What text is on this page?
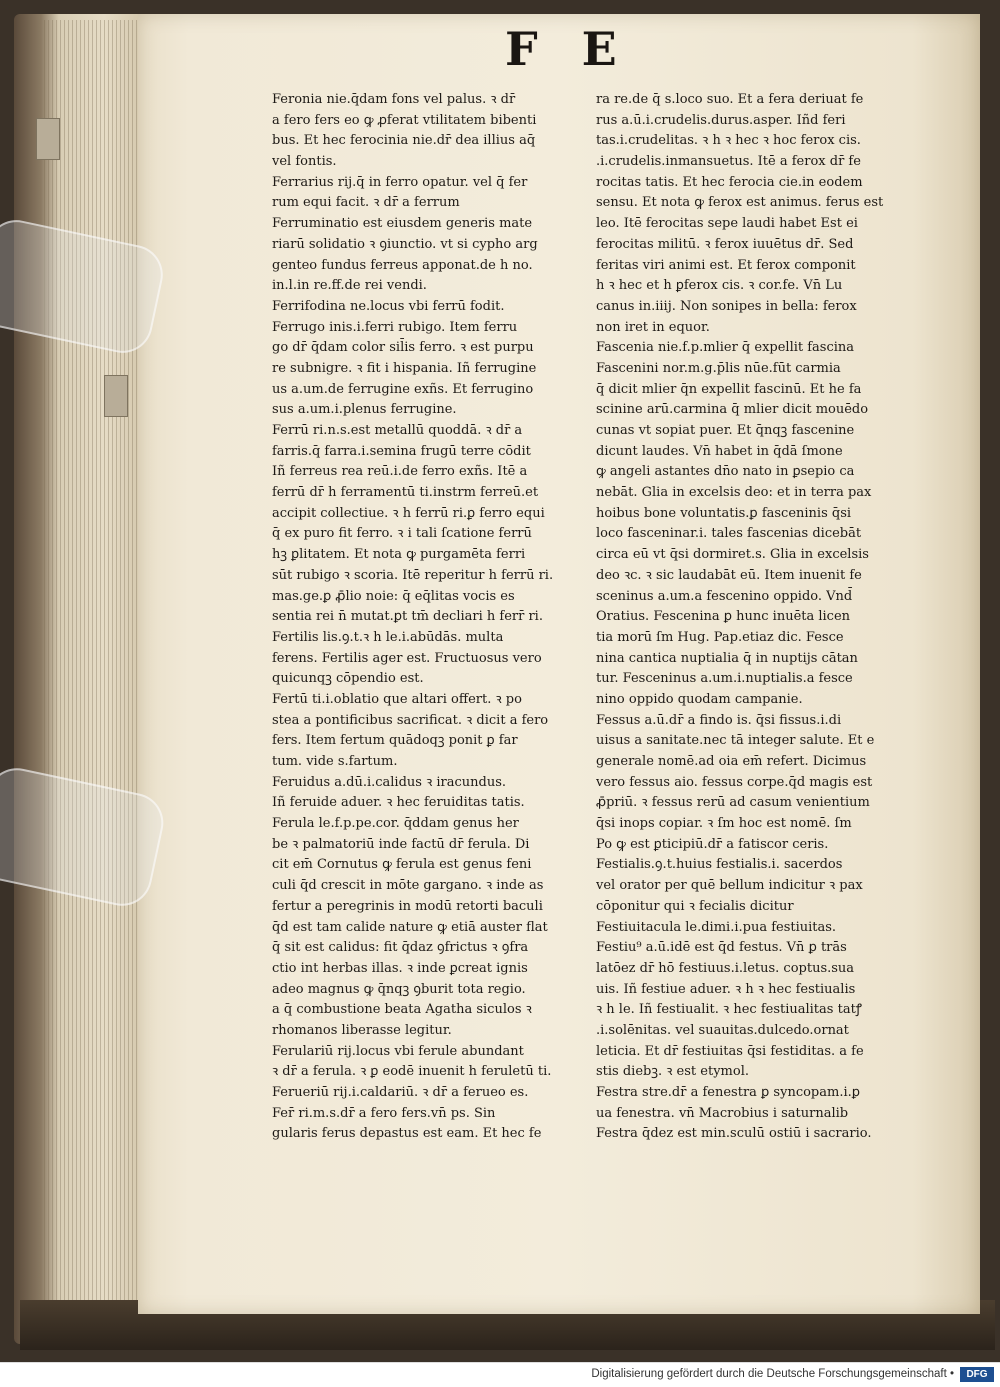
F E
Feronia nie.q̄dam fons vel palus. ꝛ dr̄
a fero fers eo ꝙ ꝓferat vtilitatem bibenti
bus. Et hec ferocinia nie.dr̄ dea illius aq̄
vel fontis.
Ferrarius rij.q̄ in ferro opatur. vel q̄ fer
rum equi facit. ꝛ dr̄ a ferrum
Ferruminatio est eiusdem generis mate
riarū solidatio ꝛ ꝯiunctio. vt si cypho arg
genteo fundus ferreus apponat.de h no.
in.l.in re.ff.de rei vendi.
Ferrifodina ne.locus vbi ferrū fodit.
Ferrugo inis.i.ferri rubigo. Item ferru
go dr̄ q̄dam color sil̄is ferro. ꝛ est purpu
re subnigre. ꝛ fit i hispania. Iñ ferrugine
us a.um.de ferrugine exñs. Et ferrugino
sus a.um.i.plenus ferrugine.
Ferrū ri.n.s.est metallū quoddā. ꝛ dr̄ a
farris.q̄ farra.i.semina frugū terre cōdit
Iñ ferreus rea reū.i.de ferro exñs. Itē a
ferrū dr̄ h ferramentū ti.instrm ferreū.et
accipit collectiue. ꝛ h ferrū ri.ꝑ ferro equi
q̄ ex puro fit ferro. ꝛ i tali ſcatione ferrū
hꝫ ꝑlitatem. Et nota ꝙ purgamēta ferri
sūt rubigo ꝛ scoria. Itē reperitur h ferrū ri.
mas.ge.ꝑ ꝓ̄lio noie: q̄ eq̄litas vocis es
sentia rei n̄ mutat.ꝑt tm̄ decliari h ferr̄ ri.
Fertilis lis.ꝯ.t.ꝛ h le.i.abūdās. multa
ferens. Fertilis ager est. Fructuosus vero
quicunqꝫ cōpendio est.
Fertū ti.i.oblatio que altari offert. ꝛ po
stea a pontificibus sacrificat. ꝛ dicit a fero
fers. Item fertum quādoqꝫ ponit ꝑ far
tum. vide s.fartum.
Feruidus a.dū.i.calidus ꝛ iracundus.
Iñ feruide aduer. ꝛ hec feruiditas tatis.
Ferula le.f.p.pe.cor. q̄ddam genus her
be ꝛ palmatoriū inde factū dr̄ ferula. Di
cit em̄ Cornutus ꝙ ferula est genus feni
culi q̄d crescit in mōte gargano. ꝛ inde as
fertur a peregrinis in modū retorti baculi
q̄d est tam calide nature ꝙ etiā auster flat
q̄ sit est calidus: fit q̄daz ꝯfrictus ꝛ ꝯfra
ctio int herbas illas. ꝛ inde ꝑcreat ignis
adeo magnus ꝙ q̄nqꝫ ꝯburit tota regio.
a q̄ combustione beata Agatha siculos ꝛ
rhomanos liberasse legitur.
Ferulariū rij.locus vbi ferule abundant
ꝛ dr̄ a ferula. ꝛ ꝑ eodē inuenit h feruletū ti.
Ferueriū rij.i.caldariū. ꝛ dr̄ a ferueo es.
Fer̄ ri.m.s.dr̄ a fero fers.vn̄ ps. Sin
gularis ferus depastus est eam. Et hec fe
ra re.de q̄ s.loco suo. Et a fera deriuat fe
rus a.ū.i.crudelis.durus.asper. Iñd feri
tas.i.crudelitas. ꝛ h ꝛ hec ꝛ hoc ferox cis.
.i.crudelis.inmansuetus. Itē a ferox dr̄ fe
rocitas tatis. Et hec ferocia cie.in eodem
sensu. Et nota ꝙ ferox est animus. ferus est
leo. Itē ferocitas sepe laudi habet Est ei
ferocitas militū. ꝛ ferox iuuētus dr̄. Sed
feritas viri animi est. Et ferox componit
h ꝛ hec et h ꝑferox cis. ꝛ cor.fe. Vn̄ Lu
canus in.iiij. Non sonipes in bella: ferox
non iret in equor.
Fascenia nie.f.p.mlier q̄ expellit fascina
Fascenini nor.m.g.p̄lis nūe.fūt carmia
q̄ dicit mlier q̄n expellit fascinū. Et he fa
scinine arū.carmina q̄ mlier dicit mouēdo
cunas vt sopiat puer. Et q̄nqꝫ fascenine
dicunt laudes. Vn̄ habet in q̄dā ſmone
ꝙ angeli astantes dn̄o nato in ꝑsepio ca
nebāt. Glia in excelsis deo: et in terra pax
hoibus bone voluntatis.ꝑ fasceninis q̄si
loco fasceninar.i. tales fascenias dicebāt
circa eū vt q̄si dormiret.s. Glia in excelsis
deo ꝛc. ꝛ sic laudabāt eū. Item inuenit fe
sceninus a.um.a fescenino oppido. Vnd̄
Oratius. Fescenina ꝑ hunc inuēta licen
tia morū ſm Hug. Pap.etiaz dic. Fesce
nina cantica nuptialia q̄ in nuptijs cātan
tur. Fesceninus a.um.i.nuptialis.a fesce
nino oppido quodam campanie.
Fessus a.ū.dr̄ a findo is. q̄si fissus.i.di
uisus a sanitate.nec tā integer salute. Et e
generale nomē.ad oia em̄ refert. Dicimus
vero fessus aio. fessus corpe.q̄d magis est
ꝓ̄priū. ꝛ fessus rerū ad casum venientium
q̄si inops copiar. ꝛ ſm hoc est nomē. ſm
Po ꝙ est ꝑticipiū.dr̄ a fatiscor ceris.
Festialis.ꝯ.t.huius festialis.i. sacerdos
vel orator per quē bellum indicitur ꝛ pax
cōponitur qui ꝛ fecialis dicitur
Festiuitacula le.dimi.i.pua festiuitas.
Festiu⁹ a.ū.idē est q̄d festus. Vn̄ ꝑ trās
latōez dr̄ hō festiuus.i.letus. coptus.sua
uis. Iñ festiue aduer. ꝛ h ꝛ hec festiualis
ꝛ h le. Iñ festiualit. ꝛ hec festiualitas tatꝭ
.i.solēnitas. vel suauitas.dulcedo.ornat
leticia. Et dr̄ festiuitas q̄si festiditas. a fe
stis diebꝫ. ꝛ est etymol.
Festra stre.dr̄ a fenestra ꝑ syncopam.i.ꝑ
ua fenestra. vn̄ Macrobius i saturnalib
Festra q̄dez est min.sculū ostiū i sacrario.
Digitalisierung gefördert durch die Deutsche Forschungsgemeinschaft •	DFG
